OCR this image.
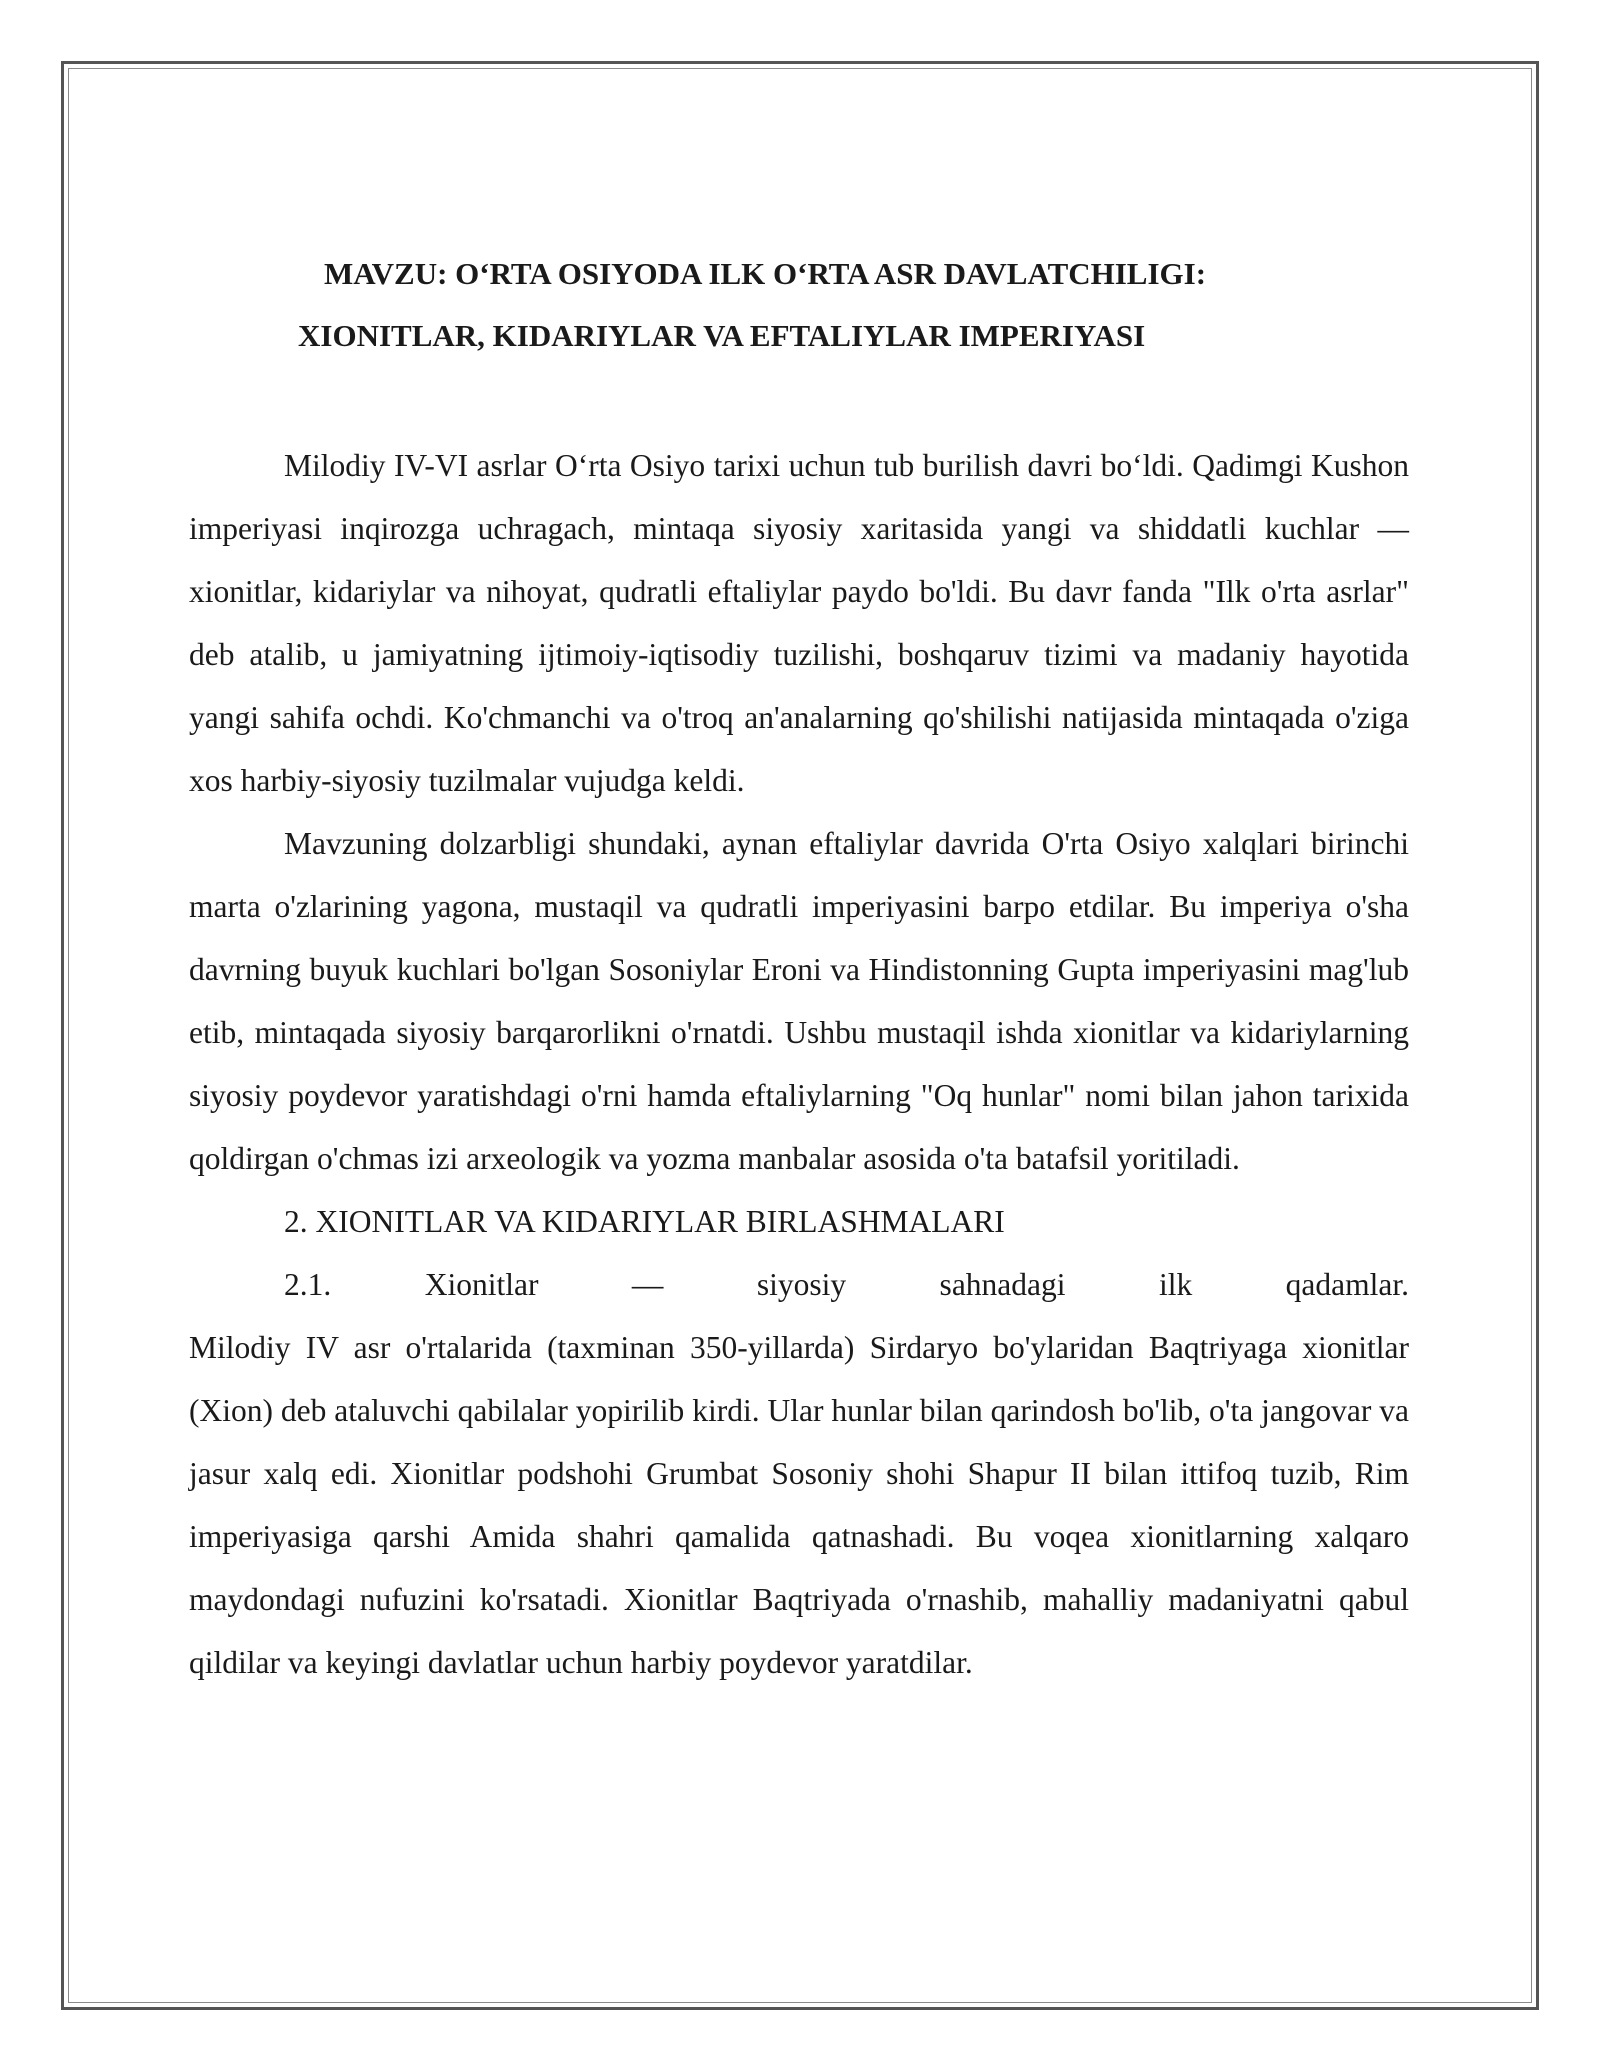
MAVZU: O‘RTA OSIYODA ILK O‘RTA ASR DAVLATCHILIGI:
XIONITLAR, KIDARIYLAR VA EFTALIYLAR IMPERIYASI

Milodiy IV-VI asrlar O‘rta Osiyo tarixi uchun tub burilish davri bo‘ldi. Qadimgi Kushon imperiyasi inqirozga uchragach, mintaqa siyosiy xaritasida yangi va shiddatli kuchlar — xionitlar, kidariylar va nihoyat, qudratli eftaliylar paydo bo'ldi. Bu davr fanda "Ilk o'rta asrlar" deb atalib, u jamiyatning ijtimoiy-iqtisodiy tuzilishi, boshqaruv tizimi va madaniy hayotida yangi sahifa ochdi. Ko'chmanchi va o'troq an'analarning qo'shilishi natijasida mintaqada o'ziga xos harbiy-siyosiy tuzilmalar vujudga keldi.

Mavzuning dolzarbligi shundaki, aynan eftaliylar davrida O'rta Osiyo xalqlari birinchi marta o'zlarining yagona, mustaqil va qudratli imperiyasini barpo etdilar. Bu imperiya o'sha davrning buyuk kuchlari bo'lgan Sosoniylar Eroni va Hindistonning Gupta imperiyasini mag'lub etib, mintaqada siyosiy barqarorlikni o'rnatdi. Ushbu mustaqil ishda xionitlar va kidariylarning siyosiy poydevor yaratishdagi o'rni hamda eftaliylarning "Oq hunlar" nomi bilan jahon tarixida qoldirgan o'chmas izi arxeologik va yozma manbalar asosida o'ta batafsil yoritiladi.

2. XIONITLAR VA KIDARIYLAR BIRLASHMALARI
2.1. Xionitlar — siyosiy sahnadagi ilk qadamlar.

Milodiy IV asr o'rtalarida (taxminan 350-yillarda) Sirdaryo bo'ylaridan Baqtriyaga xionitlar (Xion) deb ataluvchi qabilalar yopirilib kirdi. Ular hunlar bilan qarindosh bo'lib, o'ta jangovar va jasur xalq edi. Xionitlar podshohi Grumbat Sosoniy shohi Shapur II bilan ittifoq tuzib, Rim imperiyasiga qarshi Amida shahri qamalida qatnashadi. Bu voqea xionitlarning xalqaro maydondagi nufuzini ko'rsatadi. Xionitlar Baqtriyada o'rnashib, mahalliy madaniyatni qabul qildilar va keyingi davlatlar uchun harbiy poydevor yaratdilar.
